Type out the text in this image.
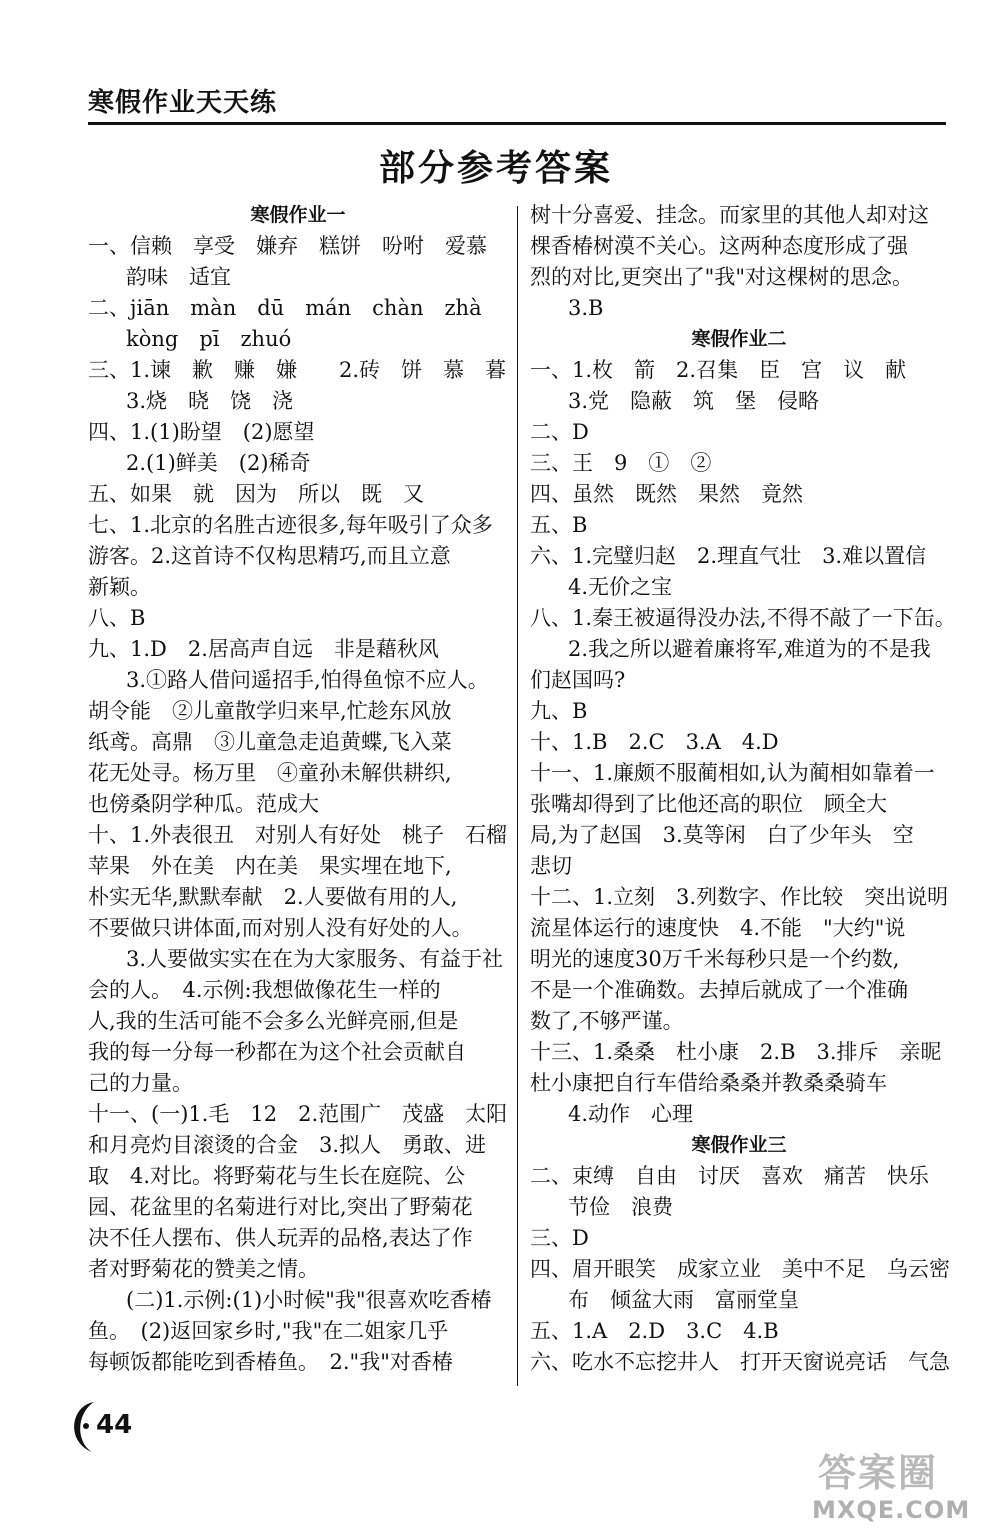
寒假作业天天练
部分参考答案
寒假作业一
一、信赖　享受　嫌弃　糕饼　吩咐　爱慕
韵味　适宜
二、jiān　màn　dū　mán　chàn　zhà
kòng　pī　zhuó
三、1.谏　歉　赚　嫌　　2.砖　饼　慕　暮
3.烧　晓　饶　浇
四、1.(1)盼望　(2)愿望
2.(1)鲜美　(2)稀奇
五、如果　就　因为　所以　既　又
七、1.北京的名胜古迹很多,每年吸引了众多
游客。2.这首诗不仅构思精巧,而且立意
新颖。
八、B
九、1.D　2.居高声自远　非是藉秋风
3.①路人借问遥招手,怕得鱼惊不应人。
胡令能　②儿童散学归来早,忙趁东风放
纸鸢。高鼎　③儿童急走追黄蝶,飞入菜
花无处寻。杨万里　④童孙未解供耕织,
也傍桑阴学种瓜。范成大
十、1.外表很丑　对别人有好处　桃子　石榴
苹果　外在美　内在美　果实埋在地下,
朴实无华,默默奉献　2.人要做有用的人,
不要做只讲体面,而对别人没有好处的人。
3.人要做实实在在为大家服务、有益于社
会的人。　4.示例:我想做像花生一样的
人,我的生活可能不会多么光鲜亮丽,但是
我的每一分每一秒都在为这个社会贡献自
己的力量。
十一、(一)1.毛　12　2.范围广　茂盛　太阳
和月亮灼目滚烫的合金　3.拟人　勇敢、进
取　4.对比。将野菊花与生长在庭院、公
园、花盆里的名菊进行对比,突出了野菊花
决不任人摆布、供人玩弄的品格,表达了作
者对野菊花的赞美之情。
(二)1.示例:(1)小时候"我"很喜欢吃香椿
鱼。　(2)返回家乡时,"我"在二姐家几乎
每顿饭都能吃到香椿鱼。　2."我"对香椿
树十分喜爱、挂念。而家里的其他人却对这
棵香椿树漠不关心。这两种态度形成了强
烈的对比,更突出了"我"对这棵树的思念。
3.B
寒假作业二
一、1.枚　箭　2.召集　臣　宫　议　献
3.党　隐蔽　筑　堡　侵略
二、D
三、王　9　①　②
四、虽然　既然　果然　竟然
五、B
六、1.完璧归赵　2.理直气壮　3.难以置信
4.无价之宝
八、1.秦王被逼得没办法,不得不敲了一下缶。
2.我之所以避着廉将军,难道为的不是我
们赵国吗?
九、B
十、1.B　2.C　3.A　4.D
十一、1.廉颇不服蔺相如,认为蔺相如靠着一
张嘴却得到了比他还高的职位　顾全大
局,为了赵国　3.莫等闲　白了少年头　空
悲切
十二、1.立刻　3.列数字、作比较　突出说明
流星体运行的速度快　4.不能　"大约"说
明光的速度30万千米每秒只是一个约数,
不是一个准确数。去掉后就成了一个准确
数了,不够严谨。
十三、1.桑桑　杜小康　2.B　3.排斥　亲昵
杜小康把自行车借给桑桑并教桑桑骑车
4.动作　心理
寒假作业三
二、束缚　自由　讨厌　喜欢　痛苦　快乐
节俭　浪费
三、D
四、眉开眼笑　成家立业　美中不足　乌云密
布　倾盆大雨　富丽堂皇
五、1.A　2.D　3.C　4.B
六、吃水不忘挖井人　打开天窗说亮话　气急
44
答案圈
MXQE.COM
